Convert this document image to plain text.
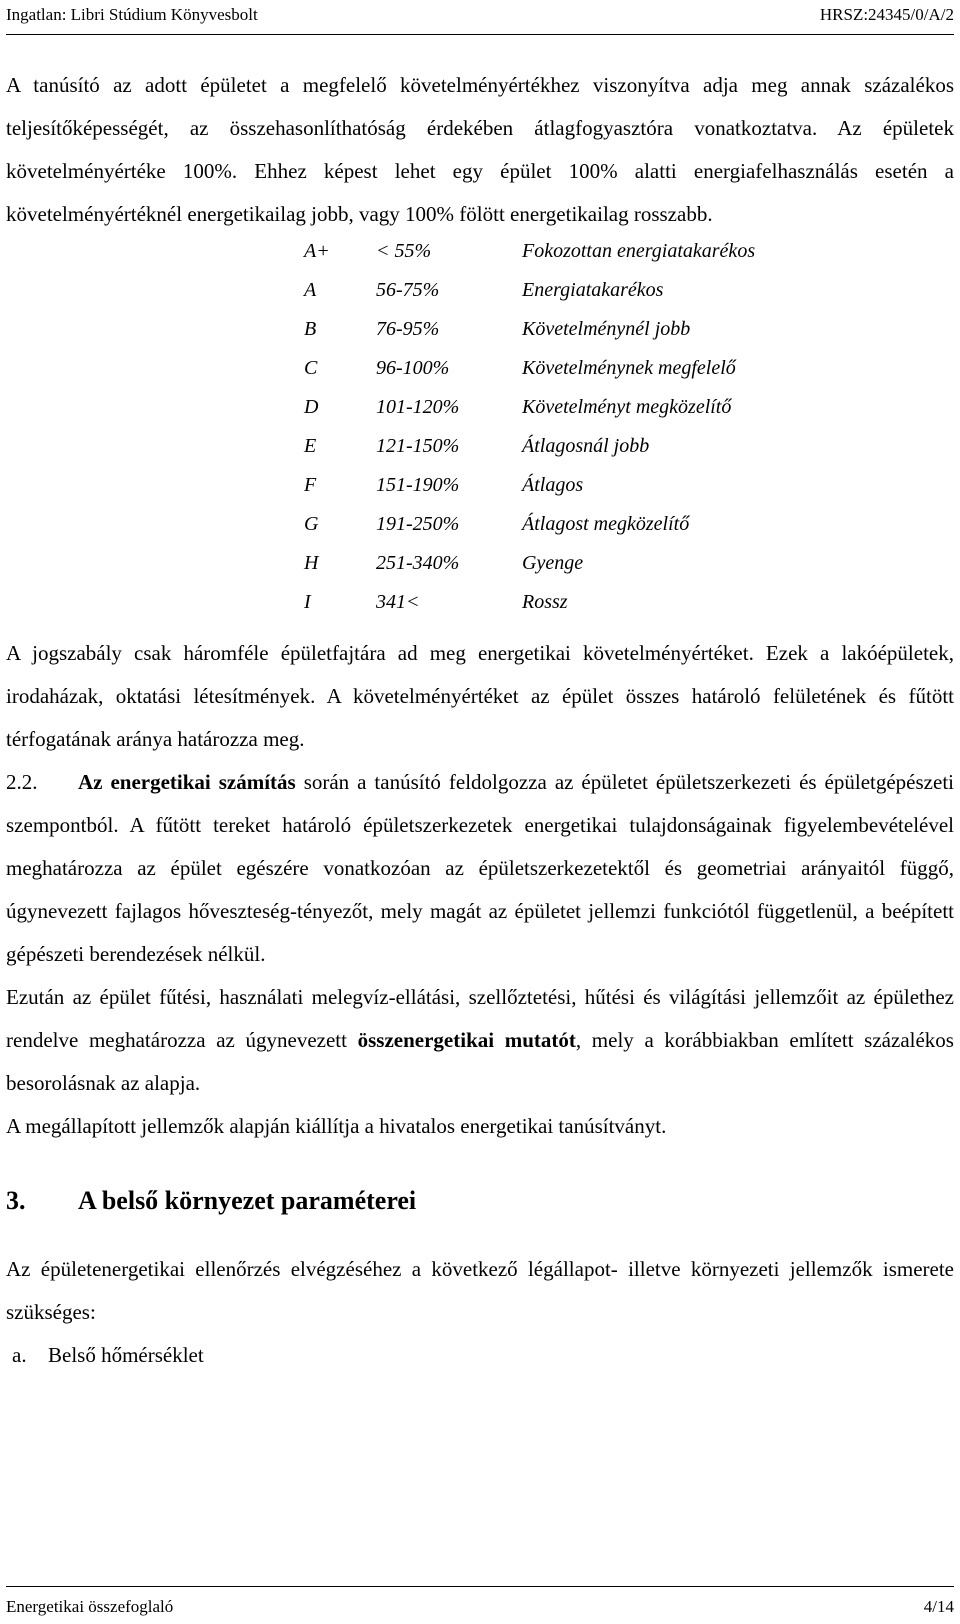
Ingatlan: Libri Stúdium Könyvesbolt	HRSZ:24345/0/A/2

A tanúsító az adott épületet a megfelelő követelményértékhez viszonyítva adja meg annak százalékos teljesítőképességét, az összehasonlíthatóság érdekében átlagfogyasztóra vonatkoztatva. Az épületek követelményértéke 100%. Ehhez képest lehet egy épület 100% alatti energiafelhasználás esetén a követelményértéknél energetikailag jobb, vagy 100% fölött energetikailag rosszabb.

A+	< 55%	Fokozottan energiatakarékos
A	56-75%	Energiatakarékos
B	76-95%	Követelménynél jobb
C	96-100%	Követelménynek megfelelő
D	101-120%	Követelményt megközelítő
E	121-150%	Átlagosnál jobb
F	151-190%	Átlagos
G	191-250%	Átlagost megközelítő
H	251-340%	Gyenge
I	341<	Rossz

A jogszabály csak háromféle épületfajtára ad meg energetikai követelményértéket. Ezek a lakóépületek, irodaházak, oktatási létesítmények. A követelményértéket az épület összes határoló felületének és fűtött térfogatának aránya határozza meg.

2.2. Az energetikai számítás során a tanúsító feldolgozza az épületet épületszerkezeti és épületgépészeti szempontból. A fűtött tereket határoló épületszerkezetek energetikai tulajdonságainak figyelembevételével meghatározza az épület egészére vonatkozóan az épületszerkezetektől és geometriai arányaitól függő, úgynevezett fajlagos hőveszteség-tényezőt, mely magát az épületet jellemzi funkciótól függetlenül, a beépített gépészeti berendezések nélkül.

Ezután az épület fűtési, használati melegvíz-ellátási, szellőztetési, hűtési és világítási jellemzőit az épülethez rendelve meghatározza az úgynevezett összenergetikai mutatót, mely a korábbiakban említett százalékos besorolásnak az alapja.

A megállapított jellemzők alapján kiállítja a hivatalos energetikai tanúsítványt.

3. A belső környezet paraméterei

Az épületenergetikai ellenőrzés elvégzéséhez a következő légállapot- illetve környezeti jellemzők ismerete szükséges:

a. Belső hőmérséklet

Energetikai összefoglaló	4/14
